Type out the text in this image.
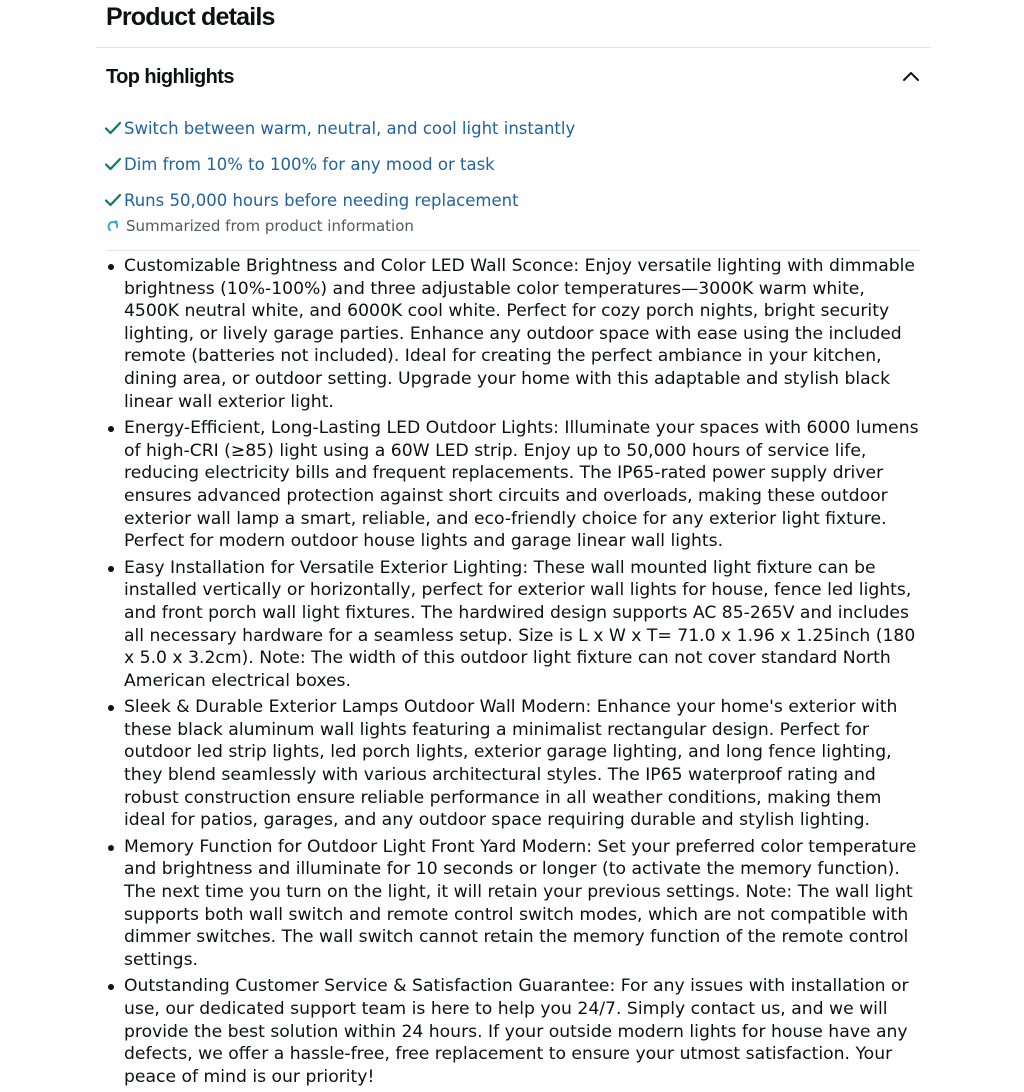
Product details
Top highlights
Switch between warm, neutral, and cool light instantly
Dim from 10% to 100% for any mood or task
Runs 50,000 hours before needing replacement
Summarized from product information
Customizable Brightness and Color LED Wall Sconce: Enjoy versatile lighting with dimmable brightness (10%-100%) and three adjustable color temperatures—3000K warm white, 4500K neutral white, and 6000K cool white. Perfect for cozy porch nights, bright security lighting, or lively garage parties. Enhance any outdoor space with ease using the included remote (batteries not included). Ideal for creating the perfect ambiance in your kitchen, dining area, or outdoor setting. Upgrade your home with this adaptable and stylish black linear wall exterior light.
Energy-Efficient, Long-Lasting LED Outdoor Lights: Illuminate your spaces with 6000 lumens of high-CRI (≥85) light using a 60W LED strip. Enjoy up to 50,000 hours of service life, reducing electricity bills and frequent replacements. The IP65-rated power supply driver ensures advanced protection against short circuits and overloads, making these outdoor exterior wall lamp a smart, reliable, and eco-friendly choice for any exterior light fixture. Perfect for modern outdoor house lights and garage linear wall lights.
Easy Installation for Versatile Exterior Lighting: These wall mounted light fixture can be installed vertically or horizontally, perfect for exterior wall lights for house, fence led lights, and front porch wall light fixtures. The hardwired design supports AC 85-265V and includes all necessary hardware for a seamless setup. Size is L x W x T= 71.0 x 1.96 x 1.25inch (180 x 5.0 x 3.2cm). Note: The width of this outdoor light fixture can not cover standard North American electrical boxes.
Sleek & Durable Exterior Lamps Outdoor Wall Modern: Enhance your home's exterior with these black aluminum wall lights featuring a minimalist rectangular design. Perfect for outdoor led strip lights, led porch lights, exterior garage lighting, and long fence lighting, they blend seamlessly with various architectural styles. The IP65 waterproof rating and robust construction ensure reliable performance in all weather conditions, making them ideal for patios, garages, and any outdoor space requiring durable and stylish lighting.
Memory Function for Outdoor Light Front Yard Modern: Set your preferred color temperature and brightness and illuminate for 10 seconds or longer (to activate the memory function). The next time you turn on the light, it will retain your previous settings. Note: The wall light supports both wall switch and remote control switch modes, which are not compatible with dimmer switches. The wall switch cannot retain the memory function of the remote control settings.
Outstanding Customer Service & Satisfaction Guarantee: For any issues with installation or use, our dedicated support team is here to help you 24/7. Simply contact us, and we will provide the best solution within 24 hours. If your outside modern lights for house have any defects, we offer a hassle-free, free replacement to ensure your utmost satisfaction. Your peace of mind is our priority!
